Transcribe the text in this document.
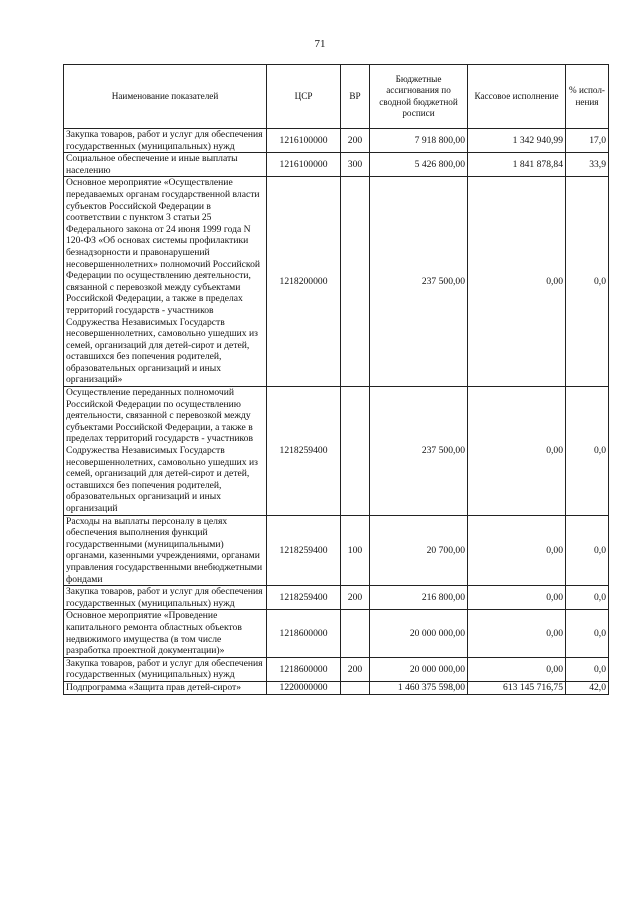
71
Наименование показателей	ЦСР	ВР	Бюджетные ассигнования по сводной бюджетной росписи	Кассовое исполнение	% испол-нения
Закупка товаров, работ и услуг для обеспечения государственных (муниципальных) нужд	1216100000	200	7 918 800,00	1 342 940,99	17,0
Социальное обеспечение и иные выплаты населению	1216100000	300	5 426 800,00	1 841 878,84	33,9
Основное мероприятие «Осуществление передаваемых органам государственной власти субъектов Российской Федерации в соответствии с пунктом 3 статьи 25 Федерального закона от 24 июня 1999 года N 120-ФЗ «Об основах системы профилактики безнадзорности и правонарушений несовершеннолетних» полномочий Российской Федерации по осуществлению деятельности, связанной с перевозкой между субъектами Российской Федерации, а также в пределах территорий государств - участников Содружества Независимых Государств несовершеннолетних, самовольно ушедших из семей, организаций для детей-сирот и детей, оставшихся без попечения родителей, образовательных организаций и иных организаций»	1218200000		237 500,00	0,00	0,0
Осуществление переданных полномочий Российской Федерации по осуществлению деятельности, связанной с перевозкой между субъектами Российской Федерации, а также в пределах территорий государств - участников Содружества Независимых Государств несовершеннолетних, самовольно ушедших из семей, организаций для детей-сирот и детей, оставшихся без попечения родителей, образовательных организаций и иных организаций	1218259400		237 500,00	0,00	0,0
Расходы на выплаты персоналу в целях обеспечения выполнения функций государственными (муниципальными) органами, казенными учреждениями, органами управления государственными внебюджетными фондами	1218259400	100	20 700,00	0,00	0,0
Закупка товаров, работ и услуг для обеспечения государственных (муниципальных) нужд	1218259400	200	216 800,00	0,00	0,0
Основное мероприятие «Проведение капитального ремонта областных объектов недвижимого имущества (в том числе разработка проектной документации)»	1218600000		20 000 000,00	0,00	0,0
Закупка товаров, работ и услуг для обеспечения государственных (муниципальных) нужд	1218600000	200	20 000 000,00	0,00	0,0
Подпрограмма «Защита прав детей-сирот»	1220000000		1 460 375 598,00	613 145 716,75	42,0
